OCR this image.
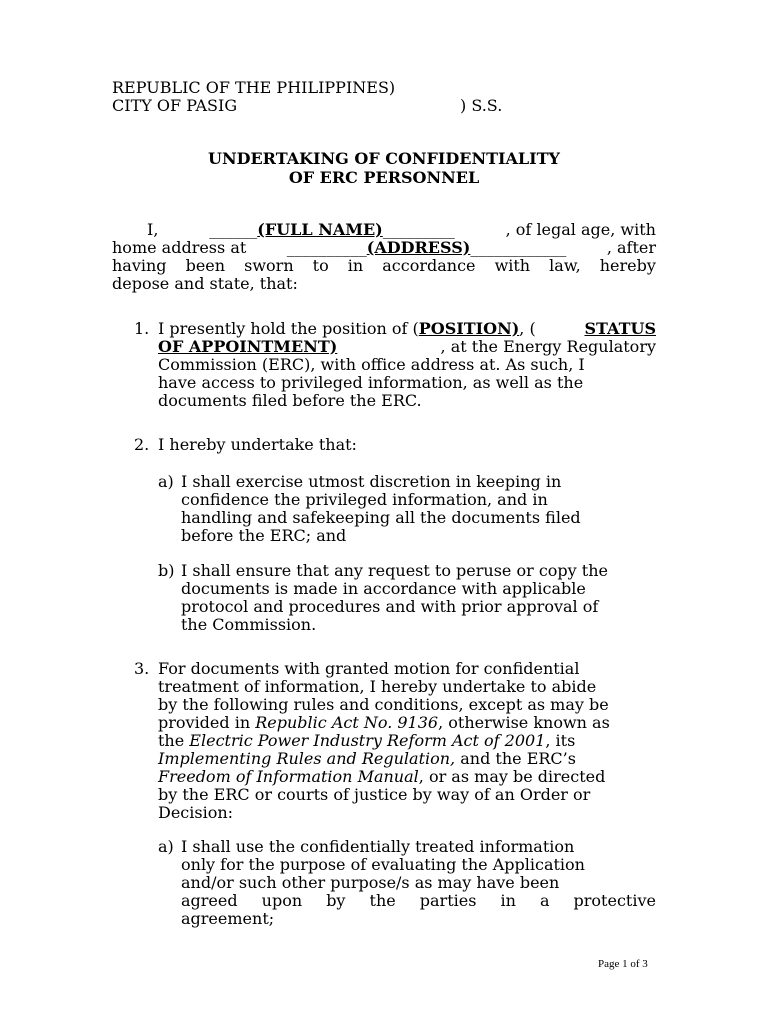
REPUBLIC OF THE PHILIPPINES)
CITY OF PASIG	) S.S.
UNDERTAKING OF CONFIDENTIALITY
OF ERC PERSONNEL
I,	______(FULL NAME)_________	, of legal age, with
home address at	__________(ADDRESS)____________	, after
having been sworn to in accordance with law, hereby
depose and state, that:
1. I presently hold the position of (POSITION), (	STATUS
OF APPOINTMENT)	, at the Energy Regulatory
Commission (ERC), with office address at. As such, I
have access to privileged information, as well as the
documents filed before the ERC.
2. I hereby undertake that:
a) I shall exercise utmost discretion in keeping in
confidence the privileged information, and in
handling and safekeeping all the documents filed
before the ERC; and
b) I shall ensure that any request to peruse or copy the
documents is made in accordance with applicable
protocol and procedures and with prior approval of
the Commission.
3. For documents with granted motion for confidential
treatment of information, I hereby undertake to abide
by the following rules and conditions, except as may be
provided in Republic Act No. 9136, otherwise known as
the Electric Power Industry Reform Act of 2001, its
Implementing Rules and Regulation, and the ERC’s
Freedom of Information Manual, or as may be directed
by the ERC or courts of justice by way of an Order or
Decision:
a) I shall use the confidentially treated information
only for the purpose of evaluating the Application
and/or such other purpose/s as may have been
agreed upon by the parties in a protective
agreement;
Page 1 of 3
